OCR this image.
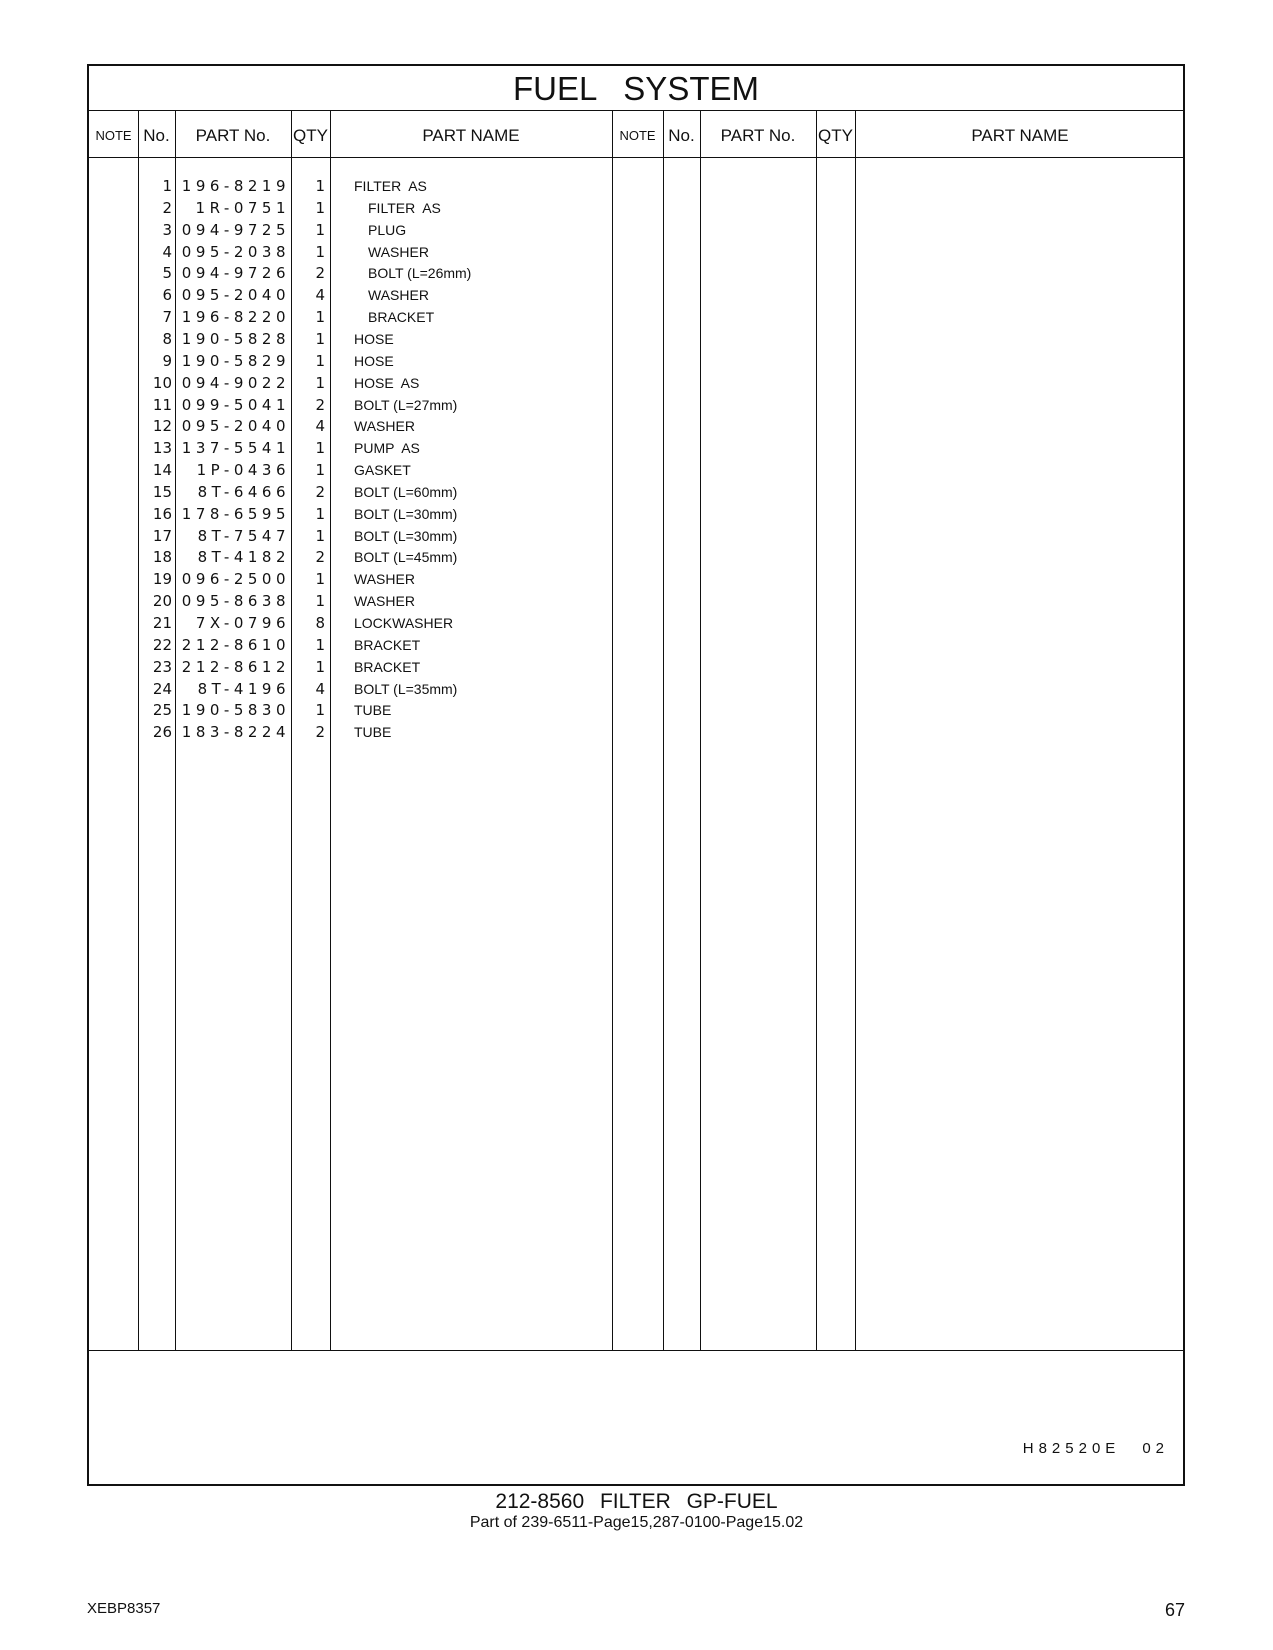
FUEL SYSTEM
NOTE No.	PART No.	QTY	PART NAME	NOTE No.	PART No.	QTY	PART NAME
1 196-8219	1 FILTER  AS
2	1R-0751	1	FILTER  AS
3 094-9725	1	PLUG
4 095-2038	1	WASHER
5 094-9726	2	BOLT (L=26mm)
6 095-2040	4	WASHER
7 196-8220	1	BRACKET
8 190-5828	1 HOSE
9 190-5829	1 HOSE
10 094-9022	1 HOSE  AS
11 099-5041	2 BOLT (L=27mm)
12 095-2040	4 WASHER
13 137-5541	1 PUMP  AS
14	1P-0436	1 GASKET
15	8T-6466	2 BOLT (L=60mm)
16 178-6595	1 BOLT (L=30mm)
17	8T-7547	1 BOLT (L=30mm)
18	8T-4182	2 BOLT (L=45mm)
19 096-2500	1 WASHER
20 095-8638	1 WASHER
21	7X-0796	8 LOCKWASHER
22 212-8610	1 BRACKET
23 212-8612	1 BRACKET
24	8T-4196	4 BOLT (L=35mm)
25 190-5830	1 TUBE
26 183-8224	2 TUBE
H82520E 02
212-8560 FILTER GP-FUEL
Part of 239-6511-Page15,287-0100-Page15.02
XEBP8357	67
